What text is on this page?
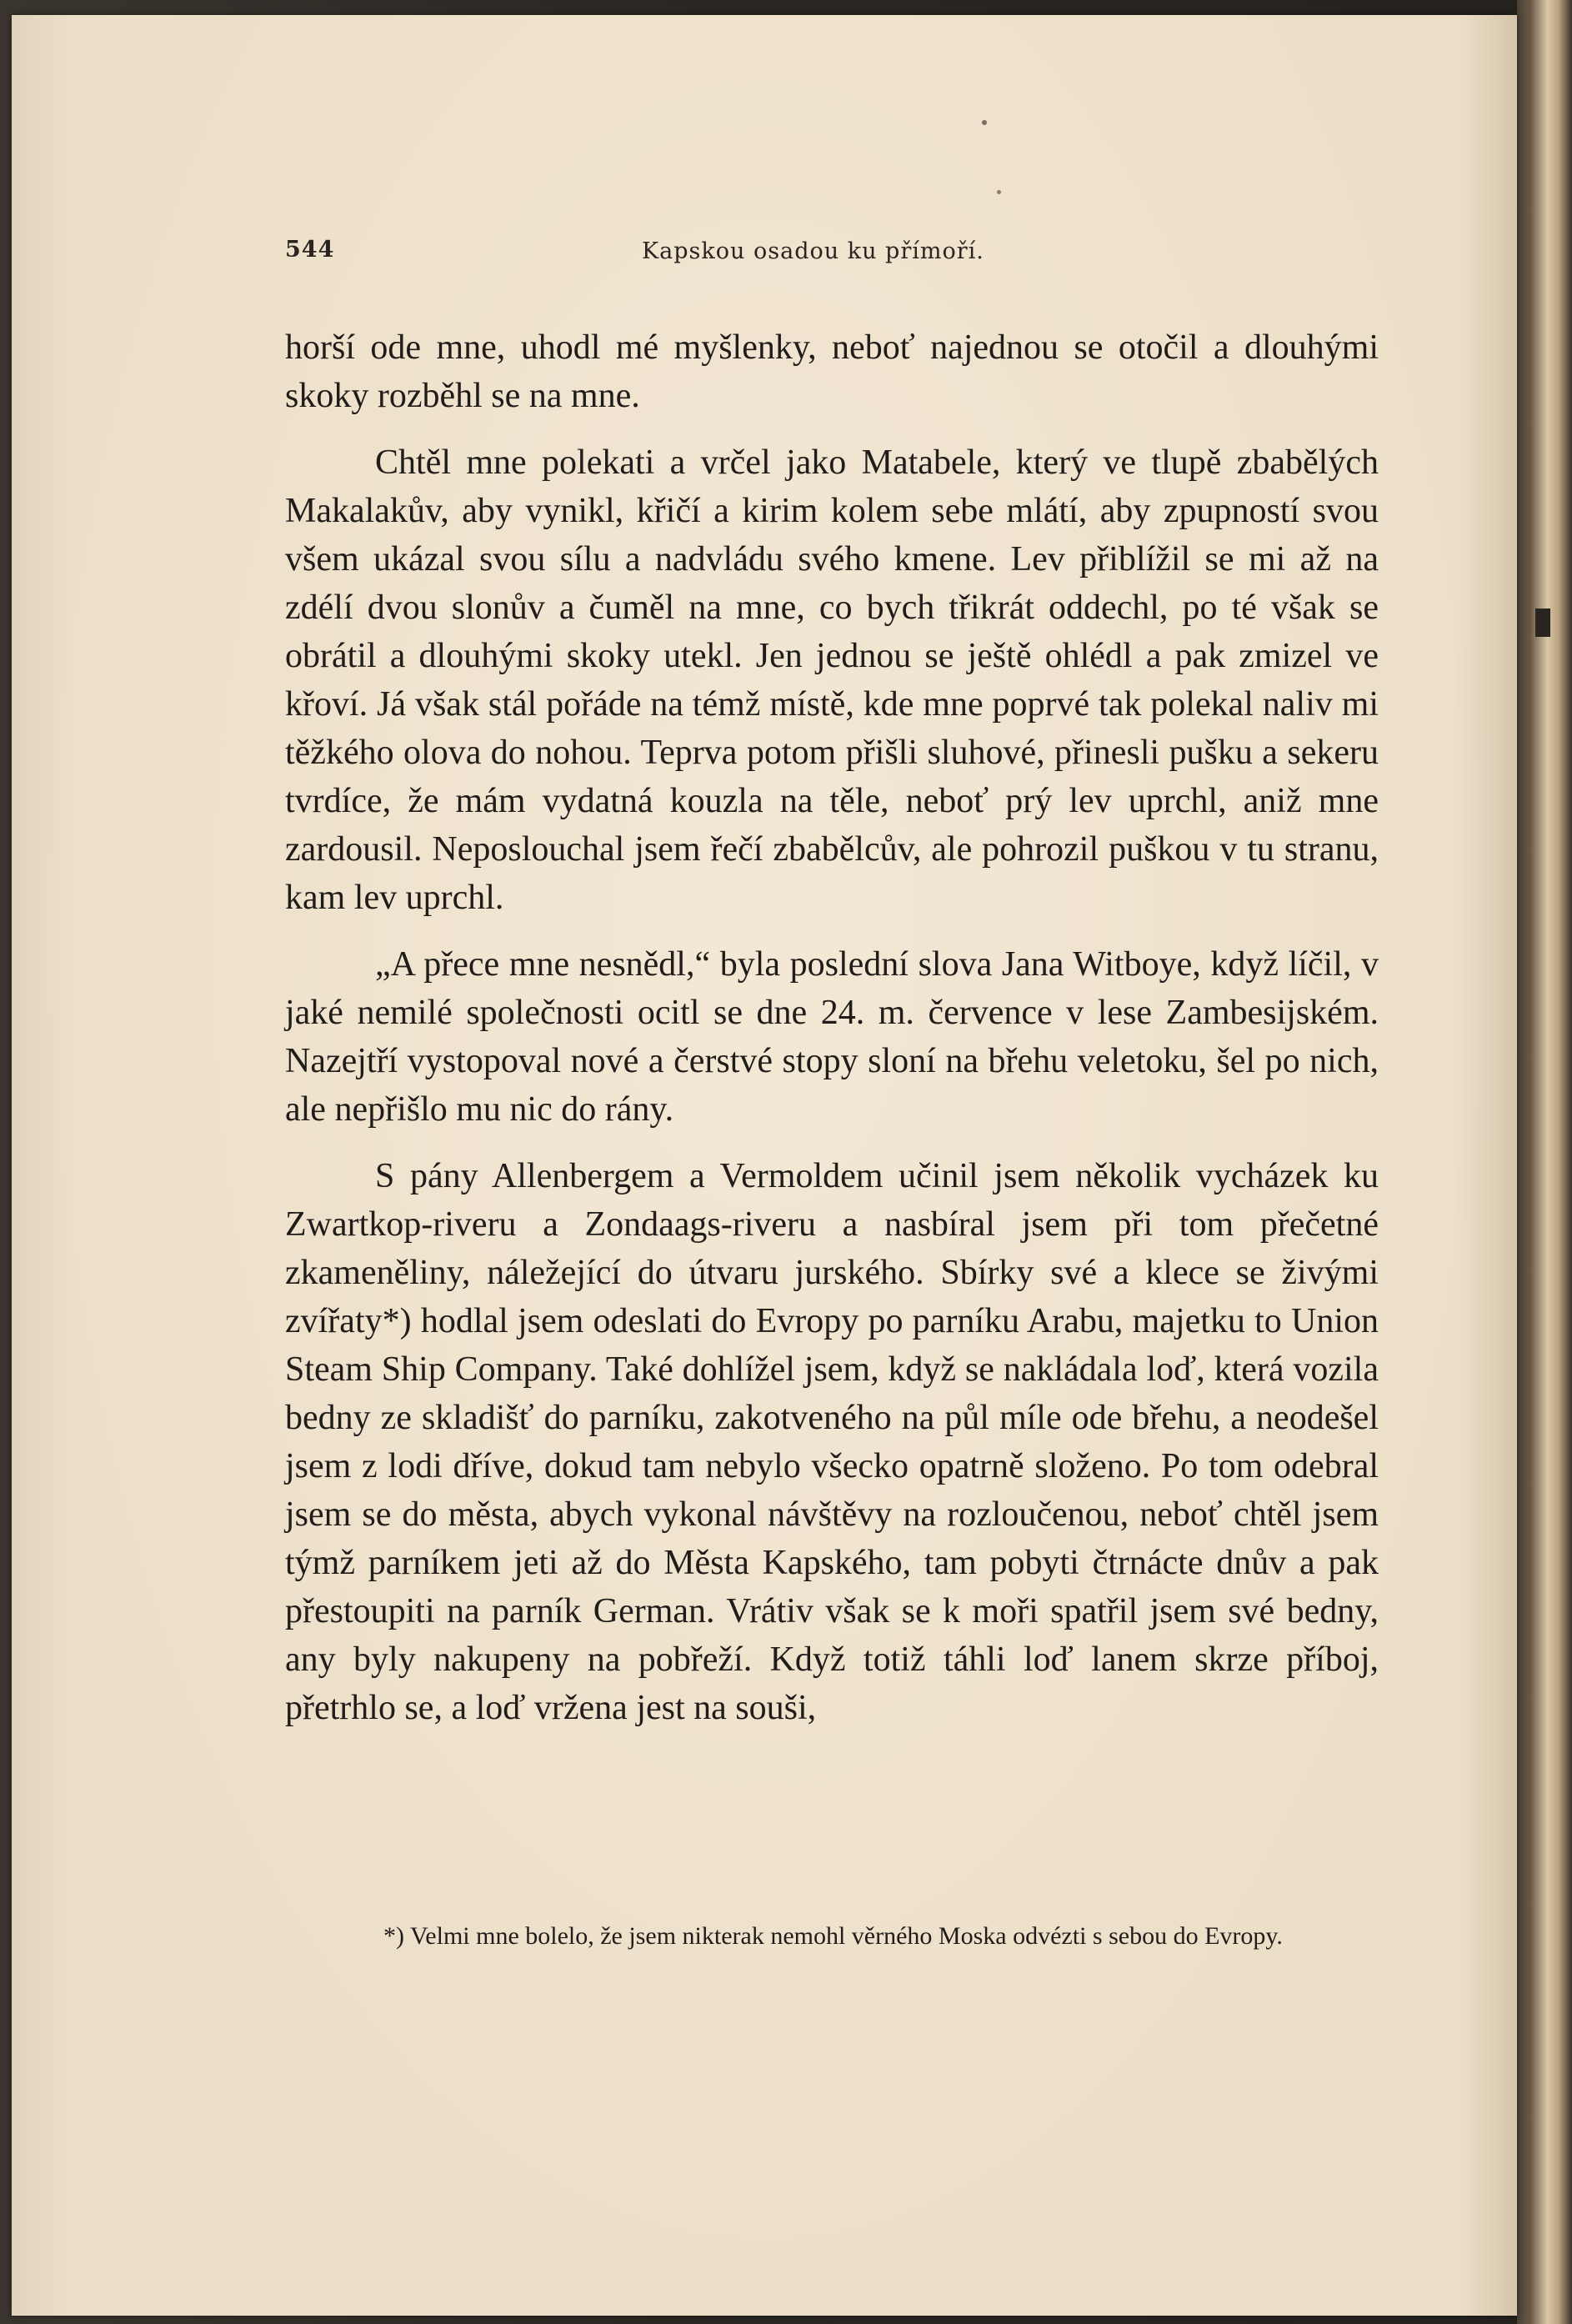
544	Kapskou osadou ku přímoří.

horší ode mne, uhodl mé myšlenky, neboť najednou se otočil a dlouhými skoky rozběhl se na mne.

Chtěl mne polekati a vrčel jako Matabele, který ve tlupě zbabělých Makalakův, aby vynikl, křičí a kirim kolem sebe mlátí, aby zpupností svou všem ukázal svou sílu a nadvládu svého kmene. Lev přiblížil se mi až na zdélí dvou slonův a čuměl na mne, co bych třikrát oddechl, po té však se obrátil a dlouhými skoky utekl. Jen jednou se ještě ohlédl a pak zmizel ve křoví. Já však stál pořáde na témž místě, kde mne poprvé tak polekal naliv mi těžkého olova do nohou. Teprva potom přišli sluhové, přinesli pušku a sekeru tvrdíce, že mám vydatná kouzla na těle, neboť prý lev uprchl, aniž mne zardousil. Neposlouchal jsem řečí zbabělcův, ale pohrozil puškou v tu stranu, kam lev uprchl.

„A přece mne nesnědl,“ byla poslední slova Jana Witboye, když líčil, v jaké nemilé společnosti ocitl se dne 24. m. července v lese Zambesijském. Nazejtří vystopoval nové a čerstvé stopy sloní na břehu veletoku, šel po nich, ale nepřišlo mu nic do rány.

S pány Allenbergem a Vermoldem učinil jsem několik vycházek ku Zwartkop-riveru a Zondaags-riveru a nasbíral jsem při tom přečetné zkameněliny, náležející do útvaru jurského. Sbírky své a klece se živými zvířaty*) hodlal jsem odeslati do Evropy po parníku Arabu, majetku to Union Steam Ship Company. Také dohlížel jsem, když se nakládala loď, která vozila bedny ze skladišť do parníku, zakotveného na půl míle ode břehu, a neodešel jsem z lodi dříve, dokud tam nebylo všecko opatrně složeno. Po tom odebral jsem se do města, abych vykonal návštěvy na rozloučenou, neboť chtěl jsem týmž parníkem jeti až do Města Kapského, tam pobyti čtrnácte dnův a pak přestoupiti na parník German. Vrátiv však se k moři spatřil jsem své bedny, any byly nakupeny na pobřeží. Když totiž táhli loď lanem skrze příboj, přetrhlo se, a loď vržena jest na souši,

*) Velmi mne bolelo, že jsem nikterak nemohl věrného Moska odvézti s sebou do Evropy.
